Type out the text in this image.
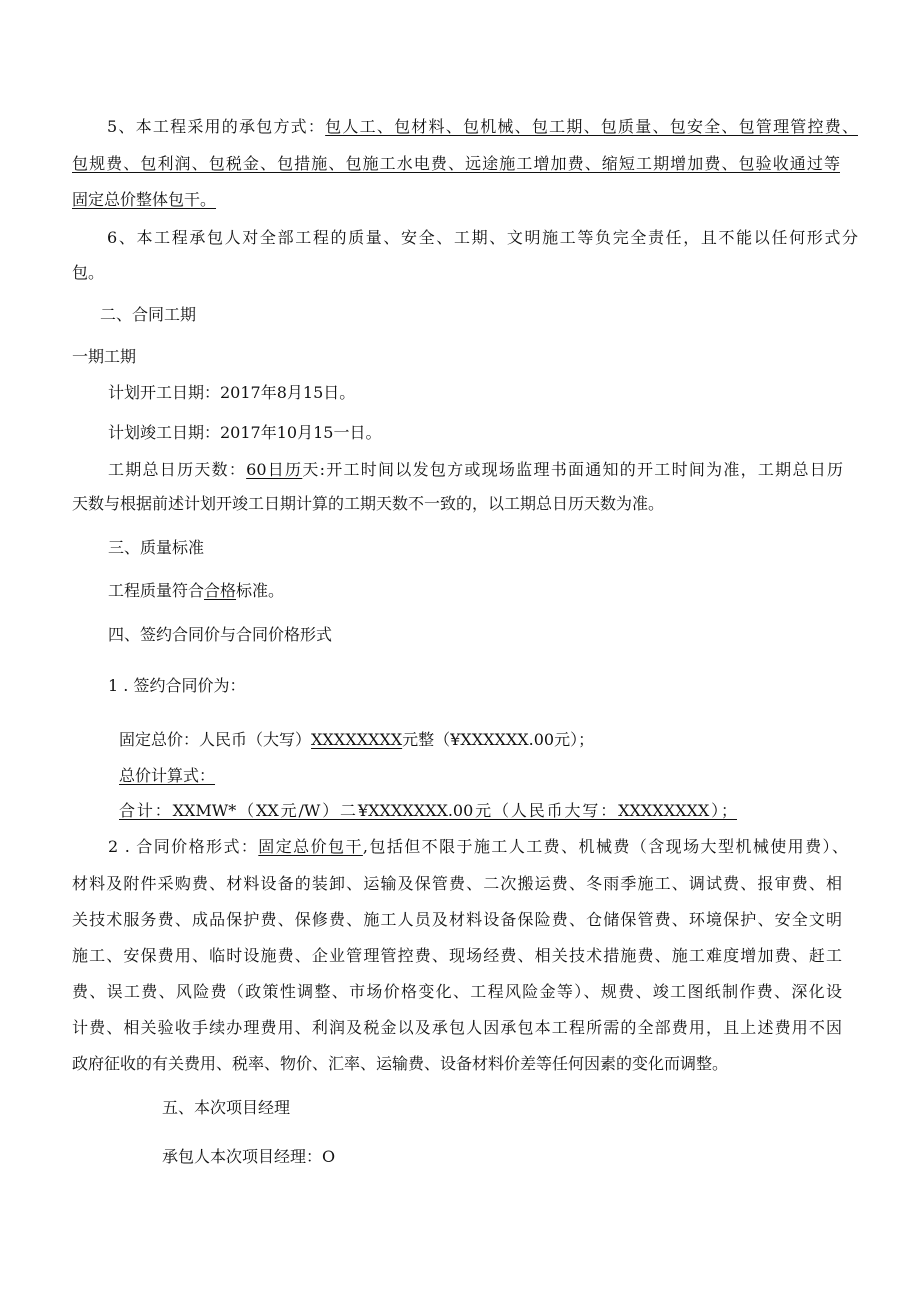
5、本工程采用的承包方式：包人工、包材料、包机械、包工期、包质量、包安全、包管理管控费、
包规费、包利润、包税金、包措施、包施工水电费、远途施工增加费、缩短工期增加费、包验收通过等
固定总价整体包干。
6、本工程承包人对全部工程的质量、安全、工期、文明施工等负完全责任，且不能以任何形式分
包。
二、合同工期
一期工期
计划开工日期：2017年8月15日。
计划竣工日期：2017年10月15一日。
工期总日历天数：60日历天:开工时间以发包方或现场监理书面通知的开工时间为准，工期总日历
天数与根据前述计划开竣工日期计算的工期天数不一致的，以工期总日历天数为准。
三、质量标准
工程质量符合合格标准。
四、签约合同价与合同价格形式
1 . 签约合同价为：
固定总价：人民币（大写）XXXXXXXX元整（¥XXXXXX.00元）；
总价计算式：
合计：XXMW*（XX元/W）二¥XXXXXXX.00元（人民币大写：XXXXXXXX）；
2 . 合同价格形式：固定总价包干,包括但不限于施工人工费、机械费（含现场大型机械使用费）、
材料及附件采购费、材料设备的装卸、运输及保管费、二次搬运费、冬雨季施工、调试费、报审费、相
关技术服务费、成品保护费、保修费、施工人员及材料设备保险费、仓储保管费、环境保护、安全文明
施工、安保费用、临时设施费、企业管理管控费、现场经费、相关技术措施费、施工难度增加费、赶工
费、误工费、风险费（政策性调整、市场价格变化、工程风险金等）、规费、竣工图纸制作费、深化设
计费、相关验收手续办理费用、利润及税金以及承包人因承包本工程所需的全部费用，且上述费用不因
政府征收的有关费用、税率、物价、汇率、运输费、设备材料价差等任何因素的变化而调整。
五、本次项目经理
承包人本次项目经理：O
